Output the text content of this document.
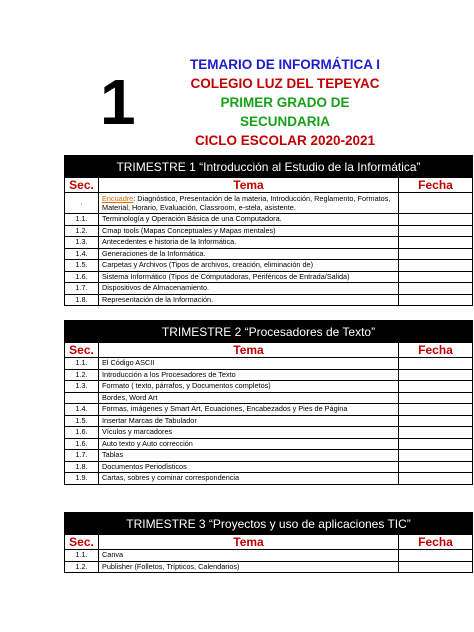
1
TEMARIO DE INFORMÁTICA I
COLEGIO LUZ DEL TEPEYAC
PRIMER GRADO DE
SECUNDARIA
CICLO ESCOLAR 2020-2021
TRIMESTRE 1 “Introducción al Estudio de la Informática”		
Sec.	Tema	Fecha
.	Encuadre: Diagnóstico, Presentación de la materia, Introducción, Reglamento, Formatos, Material, Horario, Evaluación, Classroom, e-stela, asistente.	
1.1.	Terminología y Operación Básica de una Computadora.	
1.2.	Cmap tools (Mapas Conceptuales y Mapas mentales)	
1.3.	Antecedentes e historia de la Informática.	
1.4.	Generaciones de la Informática.	
1.5.	Carpetas y Archivos (Tipos de archivos, creación, eliminación de)	
1.6.	Sistema Informático (Tipos de Computadoras, Periféricos de Entrada/Salida)	
1.7.	Dispositivos de Almacenamiento.	
1.8.	Representación de la Información.	
TRIMESTRE 2 “Procesadores de Texto”		
Sec.	Tema	Fecha
1.1.	El Código ASCII	
1.2.	Introducción a los Procesadores de Texto	
1.3.	Formato ( texto, párrafos, y Documentos completos)	
	Bordes, Word Art	
1.4.	Formas, imágenes y Smart Art, Ecuaciones, Encabezados y Pies de Página	
1.5.	Insertar Marcas de Tabulador	
1.6.	Vículos y marcadores	
1.6.	Auto texto y Auto corrección	
1.7.	Tablas	
1.8.	Documentos Periodísticos	
1.9.	Cartas, sobres y cominar correspondencia	
TRIMESTRE 3 “Proyectos y uso de aplicaciones TIC”		
Sec.	Tema	Fecha
1.1.	Canva	
1.2.	Publisher (Folletos, Trípticos, Calendarios)	
